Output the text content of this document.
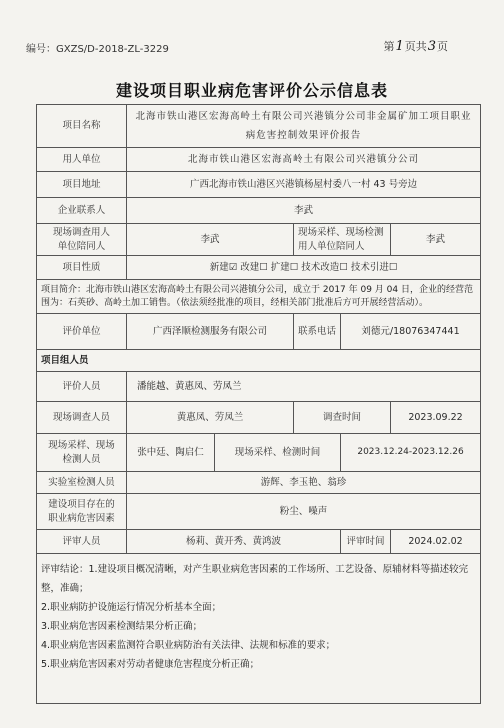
编号：GXZS/D-2018-ZL-3229	第1页共3页
建设项目职业病危害评价公示信息表
项目名称	北海市铁山港区宏海高岭土有限公司兴港镇分公司非金属矿加工项目职业病危害控制效果评价报告				
用人单位	北海市铁山港区宏海高岭土有限公司兴港镇分公司				
项目地址	广西北海市铁山港区兴港镇杨屋村委八一村 43 号旁边				
企业联系人	李武				
现场调查用人单位陪同人	李武		现场采样、现场检测用人单位陪同人		李武
项目性质	新建☑ 改建☐ 扩建☐ 技术改造☐ 技术引进☐				
项目简介：北海市铁山港区宏海高岭土有限公司兴港镇分公司，成立于 2017 年 09 月 04 日，企业的经营范围为：石英砂、高岭土加工销售。（依法须经批准的项目，经相关部门批准后方可开展经营活动）。					
评价单位	广西泽顺检测服务有限公司		联系电话	刘德元/18076347441	
项目组人员					
评价人员	潘能越、黄惠凤、劳凤兰				
现场调查人员	黄惠凤、劳凤兰		调查时间		2023.09.22
现场采样、现场检测人员	张中廷、陶启仁	现场采样、检测时间		2023.12.24-2023.12.26	
实验室检测人员	游辉、李玉艳、翁珍				
建设项目存在的职业病危害因素	粉尘、噪声				
评审人员	杨莉、黄开秀、黄鸿波			评审时间	2024.02.02

评审结论：1.建设项目概况清晰，对产生职业病危害因素的工作场所、工艺设备、原辅材料等描述较完整，准确；
2.职业病防护设施运行情况分析基本全面；
3.职业病危害因素检测结果分析正确；
4.职业病危害因素监测符合职业病防治有关法律、法规和标准的要求；
5.职业病危害因素对劳动者健康危害程度分析正确；					
